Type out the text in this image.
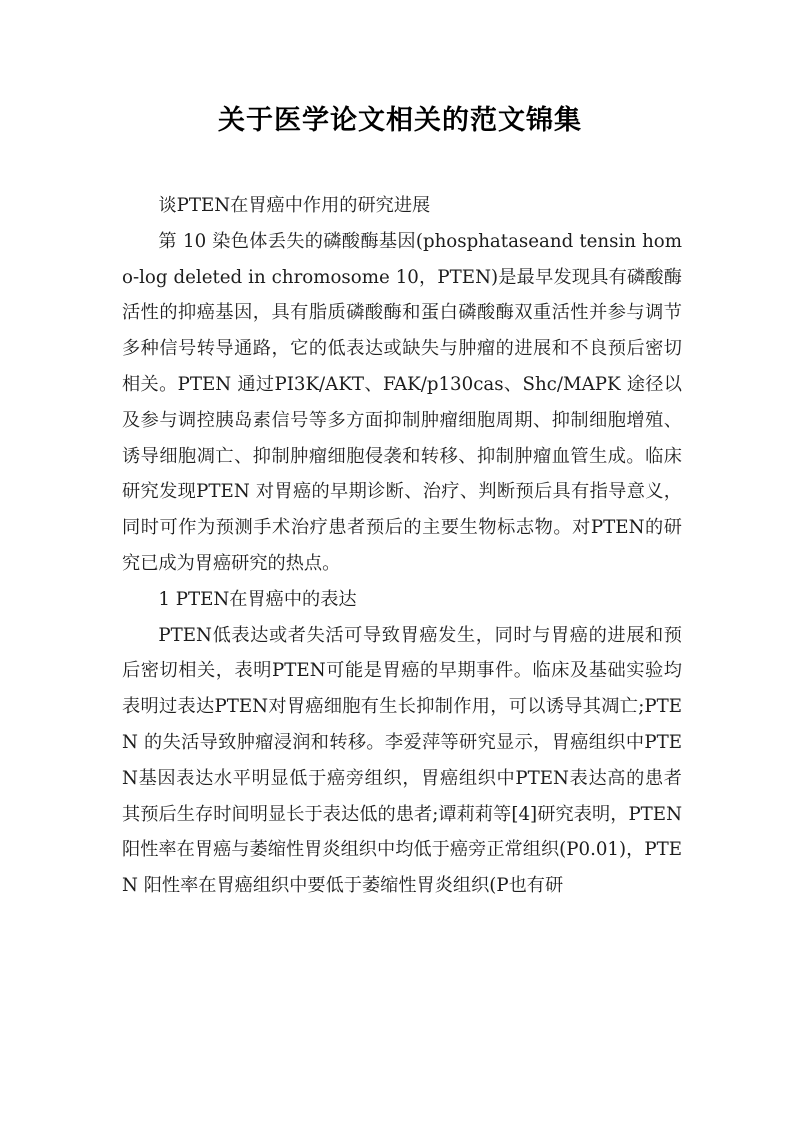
关于医学论文相关的范文锦集

谈PTEN在胃癌中作用的研究进展

第 10 染色体丢失的磷酸酶基因(phosphataseand tensin homo-log deleted in chromosome 10，PTEN)是最早发现具有磷酸酶活性的抑癌基因，具有脂质磷酸酶和蛋白磷酸酶双重活性并参与调节多种信号转导通路，它的低表达或缺失与肿瘤的进展和不良预后密切相关。PTEN 通过PI3K/AKT、FAK/p130cas、Shc/MAPK 途径以及参与调控胰岛素信号等多方面抑制肿瘤细胞周期、抑制细胞增殖、诱导细胞凋亡、抑制肿瘤细胞侵袭和转移、抑制肿瘤血管生成。临床研究发现PTEN 对胃癌的早期诊断、治疗、判断预后具有指导意义，同时可作为预测手术治疗患者预后的主要生物标志物。对PTEN的研究已成为胃癌研究的热点。

1 PTEN在胃癌中的表达

PTEN低表达或者失活可导致胃癌发生，同时与胃癌的进展和预后密切相关，表明PTEN可能是胃癌的早期事件。临床及基础实验均表明过表达PTEN对胃癌细胞有生长抑制作用，可以诱导其凋亡;PTEN 的失活导致肿瘤浸润和转移。李爱萍等研究显示，胃癌组织中PTEN基因表达水平明显低于癌旁组织，胃癌组织中PTEN表达高的患者其预后生存时间明显长于表达低的患者;谭莉莉等[4]研究表明，PTEN阳性率在胃癌与萎缩性胃炎组织中均低于癌旁正常组织(P0.01)，PTEN 阳性率在胃癌组织中要低于萎缩性胃炎组织(P也有研
